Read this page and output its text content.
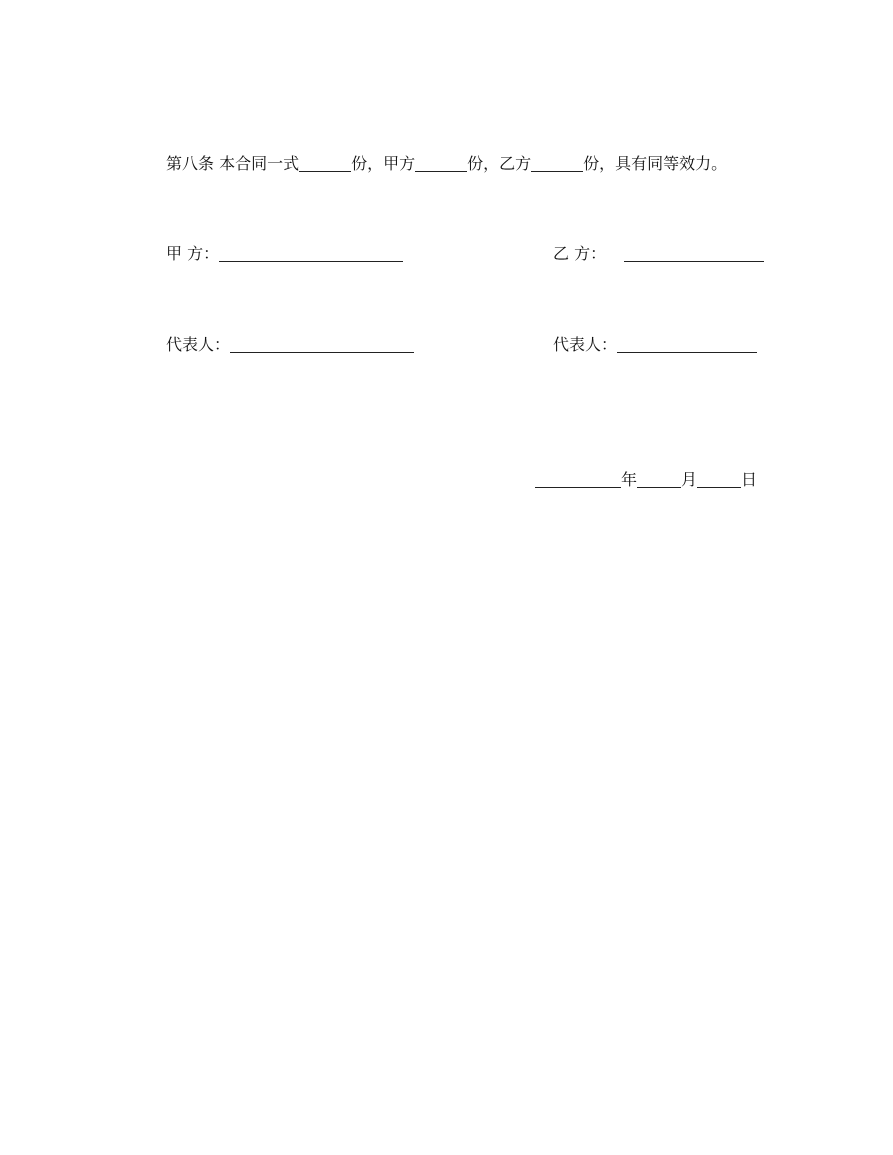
第八条 本合同一式	份，甲方	份，乙方	份，具有同等效力。
甲 方：	乙 方：
代表人：	代表人：
年	月	日
